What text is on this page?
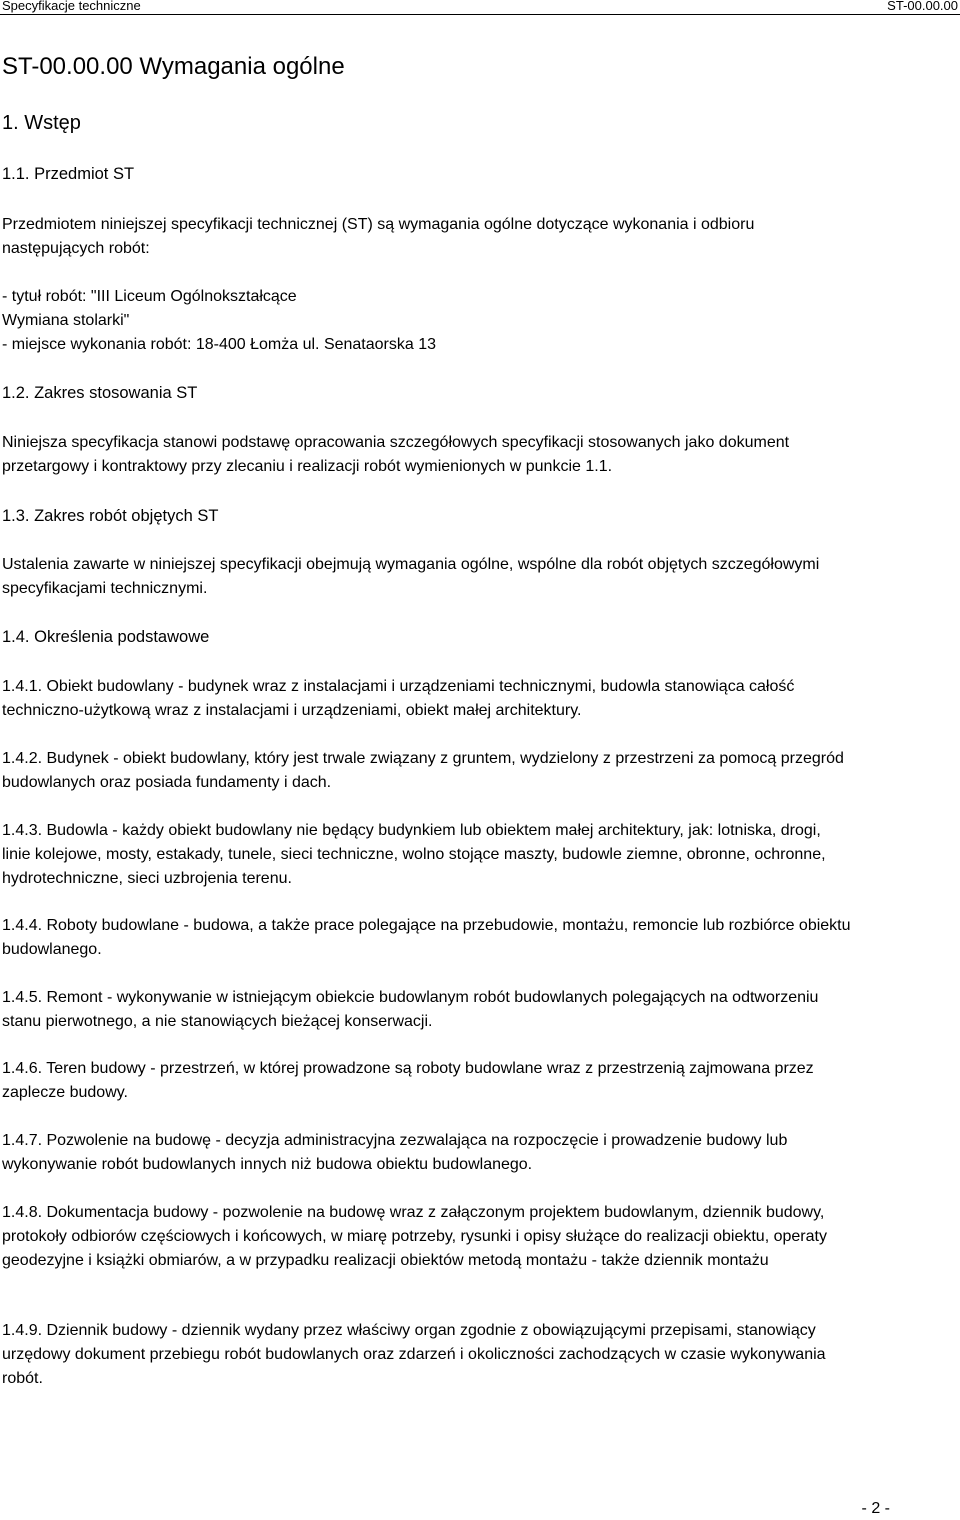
Specyfikacje techniczne	ST-00.00.00
ST-00.00.00 Wymagania ogólne
1. Wstęp
1.1. Przedmiot ST
Przedmiotem niniejszej specyfikacji technicznej (ST) są wymagania ogólne dotyczące wykonania i odbioru następujących robót:
- tytuł robót: "III Liceum Ogólnokształcące
Wymiana stolarki"
- miejsce wykonania robót: 18-400 Łomża ul. Senataorska 13
1.2. Zakres stosowania ST
Niniejsza specyfikacja stanowi podstawę opracowania szczegółowych specyfikacji stosowanych jako dokument przetargowy i kontraktowy przy zlecaniu i realizacji robót wymienionych w punkcie 1.1.
1.3. Zakres robót objętych ST
Ustalenia zawarte w niniejszej specyfikacji obejmują wymagania ogólne, wspólne dla robót objętych szczegółowymi specyfikacjami technicznymi.
1.4. Określenia podstawowe
1.4.1. Obiekt budowlany - budynek wraz z instalacjami i urządzeniami technicznymi, budowla stanowiąca całość techniczno-użytkową wraz z instalacjami i urządzeniami, obiekt małej architektury.
1.4.2. Budynek - obiekt budowlany, który jest trwale związany z gruntem, wydzielony z przestrzeni za pomocą przegród budowlanych oraz posiada fundamenty i dach.
1.4.3. Budowla - każdy obiekt budowlany nie będący budynkiem lub obiektem małej architektury, jak: lotniska, drogi, linie kolejowe, mosty, estakady, tunele, sieci techniczne, wolno stojące maszty, budowle ziemne, obronne, ochronne, hydrotechniczne, sieci uzbrojenia terenu.
1.4.4. Roboty budowlane - budowa, a także prace polegające na przebudowie, montażu, remoncie lub rozbiórce obiektu budowlanego.
1.4.5. Remont - wykonywanie w istniejącym obiekcie budowlanym robót budowlanych polegających na odtworzeniu stanu pierwotnego, a nie stanowiących bieżącej konserwacji.
1.4.6. Teren budowy - przestrzeń, w której prowadzone są roboty budowlane wraz z przestrzenią zajmowana przez zaplecze budowy.
1.4.7. Pozwolenie na budowę - decyzja administracyjna zezwalająca na rozpoczęcie i prowadzenie budowy lub wykonywanie robót budowlanych innych niż budowa obiektu budowlanego.
1.4.8. Dokumentacja budowy - pozwolenie na budowę wraz z załączonym projektem budowlanym, dziennik budowy, protokoły odbiorów częściowych i końcowych, w miarę potrzeby, rysunki i opisy służące do realizacji obiektu, operaty geodezyjne i książki obmiarów, a w przypadku realizacji obiektów metodą montażu - także dziennik montażu
1.4.9. Dziennik budowy - dziennik wydany przez właściwy organ zgodnie z obowiązującymi przepisami, stanowiący urzędowy dokument przebiegu robót budowlanych oraz zdarzeń i okoliczności zachodzących w czasie wykonywania robót.
- 2 -
